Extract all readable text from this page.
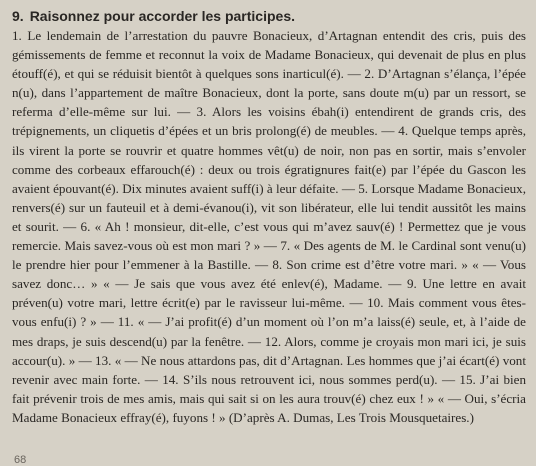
9. Raisonnez pour accorder les participes.

1. Le lendemain de l’arrestation du pauvre Bonacieux, d’Artagnan entendit des cris, puis des gémissements de femme et reconnut la voix de Madame Bonacieux, qui devenait de plus en plus étouff(é), et qui se réduisit bientôt à quelques sons inarticul(é). — 2. D’Artagnan s’élança, l’épée n(u), dans l’appartement de maître Bonacieux, dont la porte, sans doute m(u) par un ressort, se referma d’elle-même sur lui. — 3. Alors les voisins ébah(i) entendirent de grands cris, des trépignements, un cliquetis d’épées et un bris prolong(é) de meubles. — 4. Quelque temps après, ils virent la porte se rouvrir et quatre hommes vêt(u) de noir, non pas en sortir, mais s’envoler comme des corbeaux effarouch(é) : deux ou trois égratignures fait(e) par l’épée du Gascon les avaient épouvant(é). Dix minutes avaient suff(i) à leur défaite. — 5. Lorsque Madame Bonacieux, renvers(é) sur un fauteuil et à demi-évanou(i), vit son libérateur, elle lui tendit aussitôt les mains et sourit. — 6. « Ah ! monsieur, dit-elle, c’est vous qui m’avez sauv(é) ! Permettez que je vous remercie. Mais savez-vous où est mon mari ? » — 7. « Des agents de M. le Cardinal sont venu(u) le prendre hier pour l’emmener à la Bastille. — 8. Son crime est d’être votre mari. » « — Vous savez donc… » « — Je sais que vous avez été enlev(é), Madame. — 9. Une lettre en avait préven(u) votre mari, lettre écrit(e) par le ravisseur lui-même. — 10. Mais comment vous êtes-vous enfu(i) ? » — 11. « — J’ai profit(é) d’un moment où l’on m’a laiss(é) seule, et, à l’aide de mes draps, je suis descend(u) par la fenêtre. — 12. Alors, comme je croyais mon mari ici, je suis accour(u). » — 13. « — Ne nous attardons pas, dit d’Artagnan. Les hommes que j’ai écart(é) vont revenir avec main forte. — 14. S’ils nous retrouvent ici, nous sommes perd(u). — 15. J’ai bien fait prévenir trois de mes amis, mais qui sait si on les aura trouv(é) chez eux ! » « — Oui, s’écria Madame Bonacieux effray(é), fuyons ! » (D’après A. Dumas, Les Trois Mousquetaires.)

68
